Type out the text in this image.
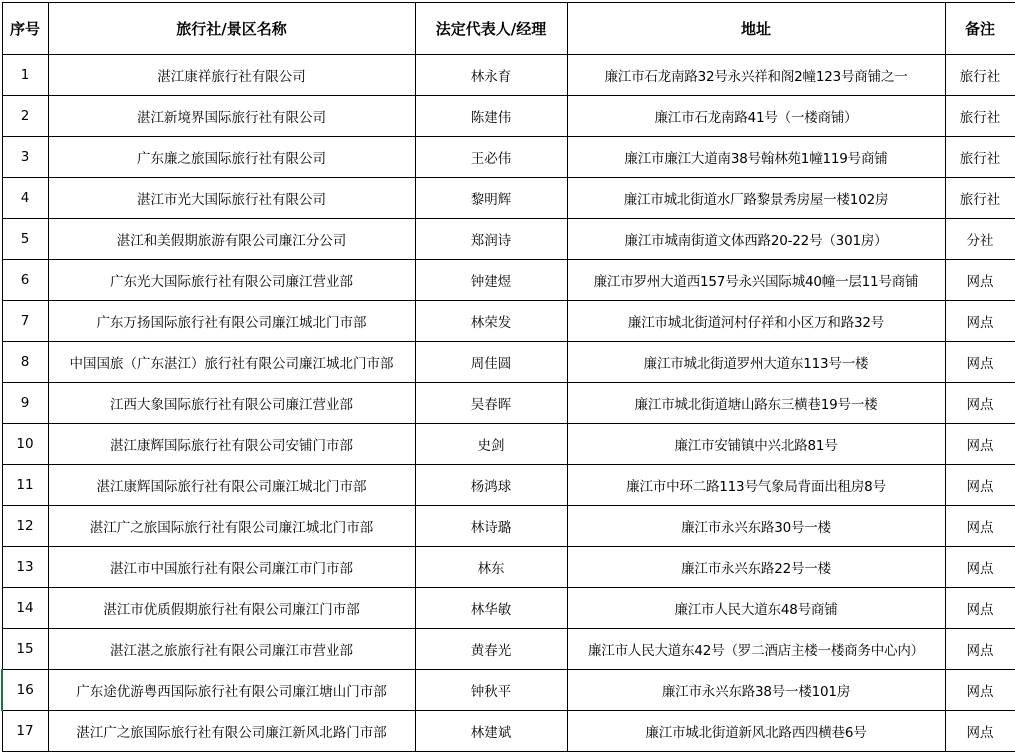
序号	旅行社/景区名称	法定代表人/经理	地址	备注
1	湛江康祥旅行社有限公司	林永育	廉江市石龙南路32号永兴祥和阁2幢123号商铺之一	旅行社
2	湛江新境界国际旅行社有限公司	陈建伟	廉江市石龙南路41号（一楼商铺）	旅行社
3	广东廉之旅国际旅行社有限公司	王必伟	廉江市廉江大道南38号翰林苑1幢119号商铺	旅行社
4	湛江市光大国际旅行社有限公司	黎明辉	廉江市城北街道水厂路黎景秀房屋一楼102房	旅行社
5	湛江和美假期旅游有限公司廉江分公司	郑润诗	廉江市城南街道文体西路20-22号（301房）	分社
6	广东光大国际旅行社有限公司廉江营业部	钟建煜	廉江市罗州大道西157号永兴国际城40幢一层11号商铺	网点
7	广东万扬国际旅行社有限公司廉江城北门市部	林荣发	廉江市城北街道河村仔祥和小区万和路32号	网点
8	中国国旅（广东湛江）旅行社有限公司廉江城北门市部	周佳圆	廉江市城北街道罗州大道东113号一楼	网点
9	江西大象国际旅行社有限公司廉江营业部	吴春晖	廉江市城北街道塘山路东三横巷19号一楼	网点
10	湛江康辉国际旅行社有限公司安铺门市部	史剑	廉江市安铺镇中兴北路81号	网点
11	湛江康辉国际旅行社有限公司廉江城北门市部	杨鸿球	廉江市中环二路113号气象局背面出租房8号	网点
12	湛江广之旅国际旅行社有限公司廉江城北门市部	林诗璐	廉江市永兴东路30号一楼	网点
13	湛江市中国旅行社有限公司廉江市门市部	林东	廉江市永兴东路22号一楼	网点
14	湛江市优质假期旅行社有限公司廉江门市部	林华敏	廉江市人民大道东48号商铺	网点
15	湛江湛之旅旅行社有限公司廉江市营业部	黄春光	廉江市人民大道东42号（罗二酒店主楼一楼商务中心内）	网点
16	广东途优游粤西国际旅行社有限公司廉江塘山门市部	钟秋平	廉江市永兴东路38号一楼101房	网点
17	湛江广之旅国际旅行社有限公司廉江新风北路门市部	林建斌	廉江市城北街道新风北路西四横巷6号	网点
